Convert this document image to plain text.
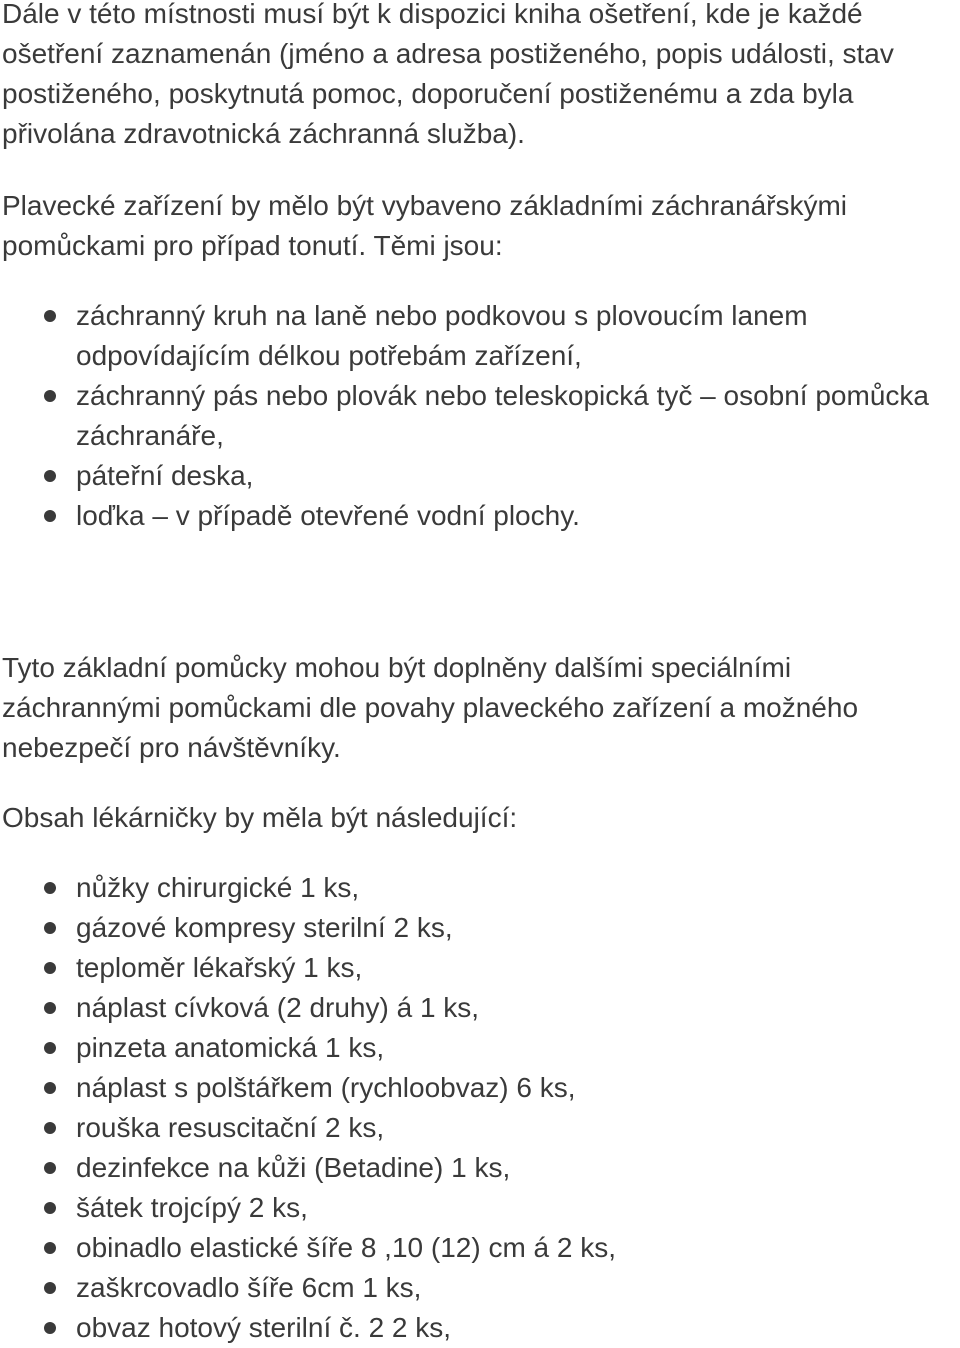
Dále v této místnosti musí být k dispozici kniha ošetření, kde je každé ošetření zaznamenán (jméno a adresa postiženého, popis události, stav postiženého, poskytnutá pomoc, doporučení postiženému a zda byla přivolána zdravotnická záchranná služba).

Plavecké zařízení by mělo být vybaveno základními záchranářskými pomůckami pro případ tonutí. Těmi jsou:

záchranný kruh na laně nebo podkovou s plovoucím lanem odpovídajícím délkou potřebám zařízení,
záchranný pás nebo plovák nebo teleskopická tyč – osobní pomůcka záchranáře,
páteřní deska,
loďka – v případě otevřené vodní plochy.

Tyto základní pomůcky mohou být doplněny dalšími speciálními záchrannými pomůckami dle povahy plaveckého zařízení a možného nebezpečí pro návštěvníky.

Obsah lékárničky by měla být následující:

nůžky chirurgické 1 ks,
gázové kompresy sterilní 2 ks,
teploměr lékařský 1 ks,
náplast cívková (2 druhy) á 1 ks,
pinzeta anatomická 1 ks,
náplast s polštářkem (rychloobvaz) 6 ks,
rouška resuscitační 2 ks,
dezinfekce na kůži (Betadine) 1 ks,
šátek trojcípý 2 ks,
obinadlo elastické šíře 8 ,10 (12) cm á 2 ks,
zaškrcovadlo šíře 6cm 1 ks,
obvaz hotový sterilní č. 2 2 ks,
